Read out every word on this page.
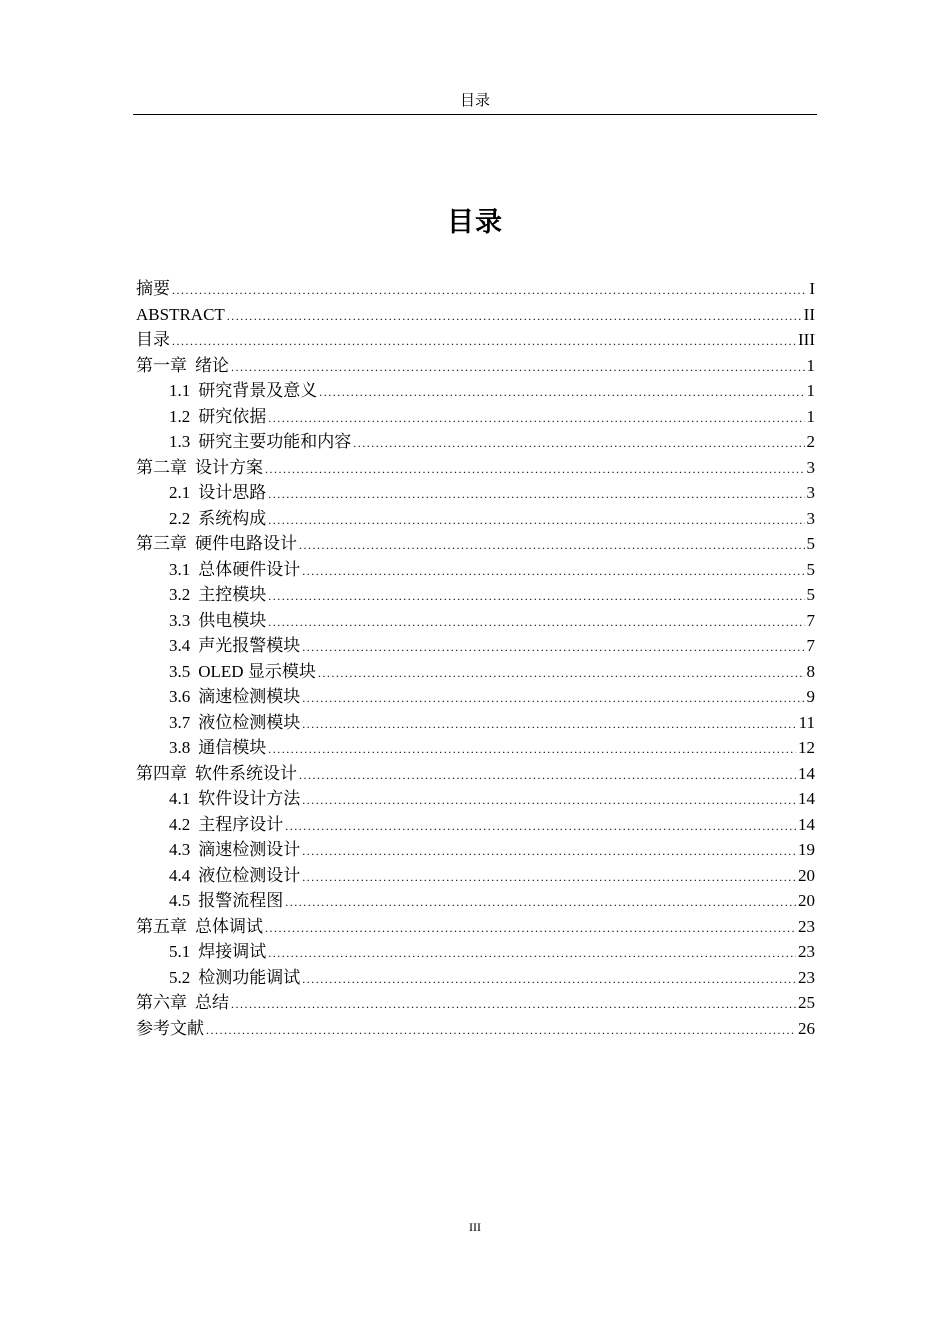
目录
目录
摘要 .....	I
ABSTRACT .....	II
目录 .....	III
第一章 绪论 .....	1
1.1 研究背景及意义 .....	1
1.2 研究依据 .....	1
1.3 研究主要功能和内容 .....	2
第二章 设计方案 .....	3
2.1 设计思路 .....	3
2.2 系统构成 .....	3
第三章 硬件电路设计 .....	5
3.1 总体硬件设计 .....	5
3.2 主控模块 .....	5
3.3 供电模块 .....	7
3.4 声光报警模块 .....	7
3.5 OLED 显示模块 .....	8
3.6 滴速检测模块 .....	9
3.7 液位检测模块 .....	11
3.8 通信模块 .....	12
第四章 软件系统设计 .....	14
4.1 软件设计方法 .....	14
4.2 主程序设计 .....	14
4.3 滴速检测设计 .....	19
4.4 液位检测设计 .....	20
4.5 报警流程图 .....	20
第五章 总体调试 .....	23
5.1 焊接调试 .....	23
5.2 检测功能调试 .....	23
第六章 总结 .....	25
参考文献 .....	26
III
